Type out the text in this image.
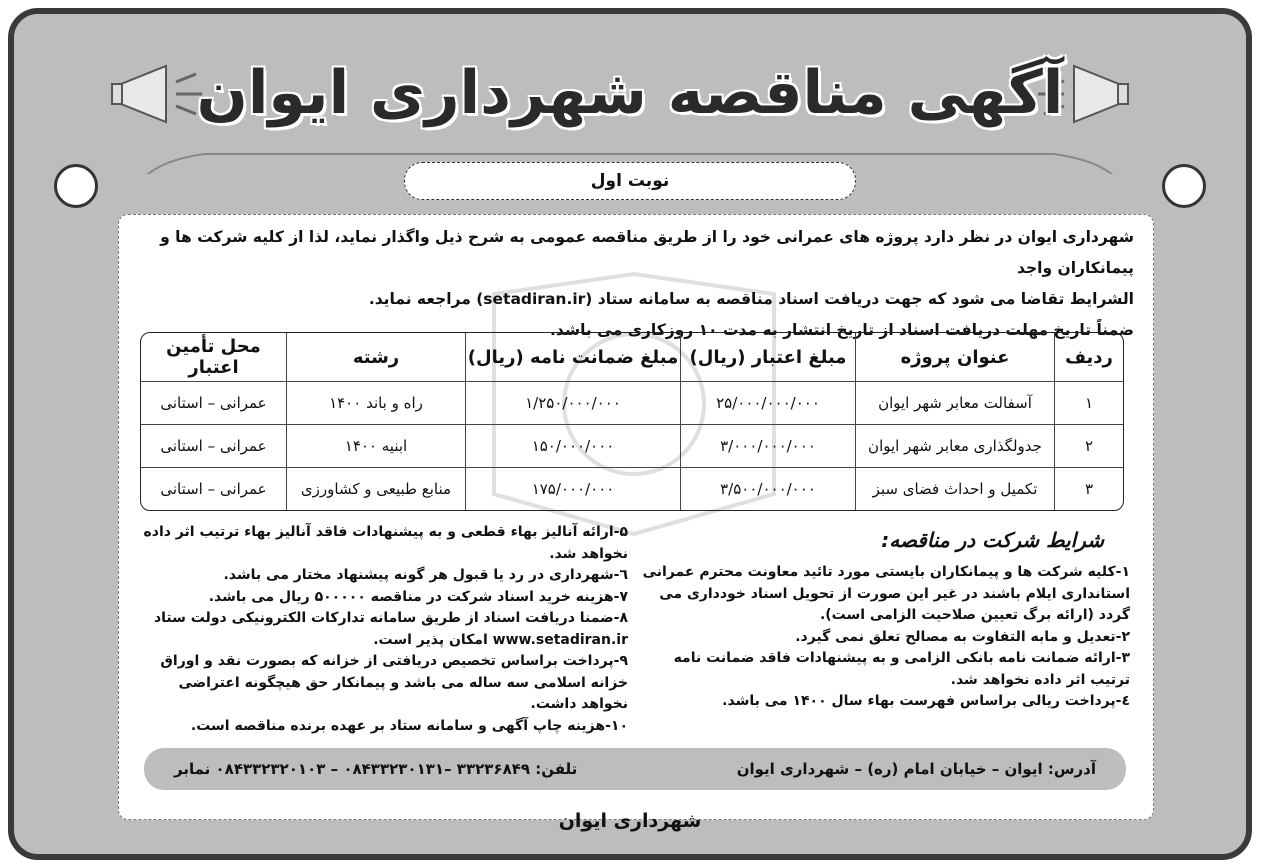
آگهی مناقصه شهرداری ایوان
نوبت اول
شهرداری ایوان در نظر دارد پروژه های عمرانی خود را از طریق مناقصه عمومی به شرح ذیل واگذار نماید، لذا از کلیه شرکت ها و پیمانکاران واجد
الشرایط تقاضا می شود که جهت دریافت اسناد مناقصه به سامانه ستاد (setadiran.ir) مراجعه نماید.
ضمناً تاریخ مهلت دریافت اسناد از تاریخ انتشار به مدت ۱۰ روزکاری می باشد.
ردیف	عنوان پروژه	مبلغ اعتبار (ریال)	مبلغ ضمانت نامه (ریال)	رشته	محل تأمین اعتبار
۱	آسفالت معابر شهر ایوان	۲۵/۰۰۰/۰۰۰/۰۰۰	۱/۲۵۰/۰۰۰/۰۰۰	راه و باند ۱۴۰۰	عمرانی – استانی
۲	جدولگذاری معابر شهر ایوان	۳/۰۰۰/۰۰۰/۰۰۰	۱۵۰/۰۰۰/۰۰۰	ابنیه ۱۴۰۰	عمرانی – استانی
۳	تکمیل و احداث فضای سبز	۳/۵۰۰/۰۰۰/۰۰۰	۱۷۵/۰۰۰/۰۰۰	منابع طبیعی و کشاورزی	عمرانی – استانی
شرایط شرکت در مناقصه:
۱-کلیه شرکت ها و پیمانکاران بایستی مورد تائید معاونت محترم عمرانی استانداری ایلام باشند در غیر این صورت از تحویل اسناد خودداری می گردد (ارائه برگ تعیین صلاحیت الزامی است).
۲-تعدیل و مابه التفاوت به مصالح تعلق نمی گیرد.
۳-ارائه ضمانت نامه بانکی الزامی و به پیشنهادات فاقد ضمانت نامه ترتیب اثر داده نخواهد شد.
٤-پرداخت ریالی براساس فهرست بهاء سال ۱۴۰۰ می باشد.
۵-ارائه آنالیز بهاء قطعی و به پیشنهادات فاقد آنالیز بهاء ترتیب اثر داده نخواهد شد.
٦-شهرداری در رد یا قبول هر گونه پیشنهاد مختار می باشد.
۷-هزینه خرید اسناد شرکت در مناقصه ۵۰۰۰۰۰ ریال می باشد.
۸-ضمنا دریافت اسناد از طریق سامانه تدارکات الکترونیکی دولت ستاد www.setadiran.ir امکان پذیر است.
۹-پرداخت براساس تخصیص دریافتی از خزانه که بصورت نقد و اوراق خزانه اسلامی سه ساله می باشد و پیمانکار حق هیچگونه اعتراضی نخواهد داشت.
۱۰-هزینه چاپ آگهی و سامانه ستاد بر عهده برنده مناقصه است.
آدرس: ایوان – خیابان امام (ره) – شهرداری ایوان
تلفن: ۳۳۲۳۶۸۴۹ –۰۸۴۳۳۲۳۰۱۳۱ – ۰۸۴۳۳۲۳۲۰۱۰۳ نمابر
شهرداری ایوان
